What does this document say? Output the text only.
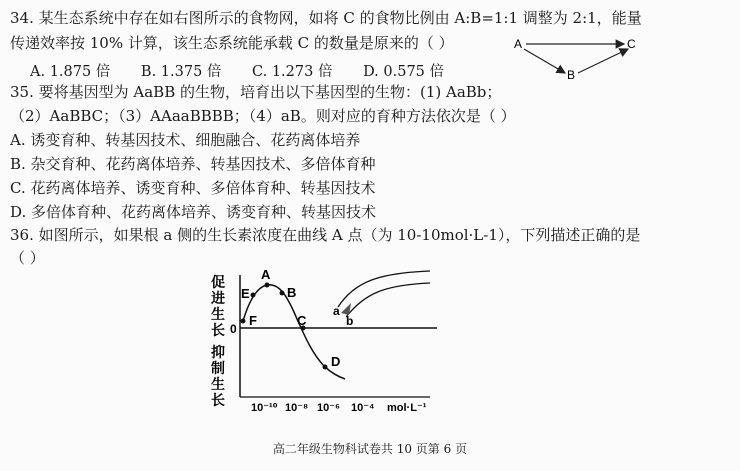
34. 某生态系统中存在如右图所示的食物网，如将 C 的食物比例由 A:B=1:1 调整为 2:1，能量
传递效率按 10% 计算，该生态系统能承载 C 的数量是原来的（ ）
A. 1.875 倍 B. 1.375 倍 C. 1.273 倍 D. 0.575 倍
A
B
C
35. 要将基因型为 AaBB 的生物，培育出以下基因型的生物：(1) AaBb；
（2）AaBBC；（3）AAaaBBBB；（4）aB。则对应的育种方法依次是（ ）
A. 诱变育种、转基因技术、细胞融合、花药离体培养
B. 杂交育种、花药离体培养、转基因技术、多倍体育种
C. 花药离体培养、诱变育种、多倍体育种、转基因技术
D. 多倍体育种、花药离体培养、诱变育种、转基因技术
36. 如图所示，如果根 a 侧的生长素浓度在曲线 A 点（为 10-10mol·L-1），下列描述正确的是
（ ）
促
进
生
长
抑
制
生
长
0
A
B
C
D
E
F
a
b
10⁻¹⁰ 10⁻⁸ 10⁻⁶ 10⁻⁴ mol·L⁻¹
高二年级生物科试卷共 10 页第 6 页
